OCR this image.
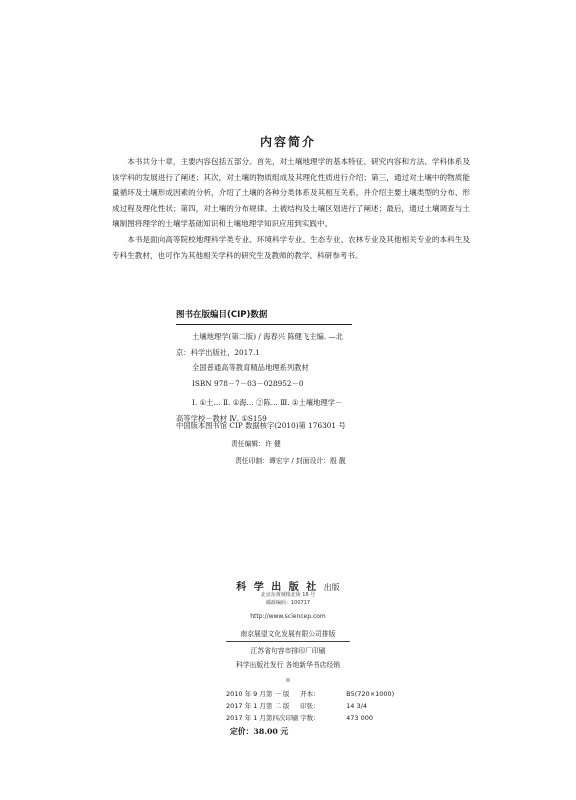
内容简介

本书共分十章，主要内容包括五部分。首先，对土壤地理学的基本特征、研究内容和方法、学科体系及该学科的发展进行了阐述；其次，对土壤的物质组成及其理化性质进行介绍；第三，通过对土壤中的物质能量循环及土壤形成因素的分析，介绍了土壤的各种分类体系及其相互关系，并介绍主要土壤类型的分布、形成过程及理化性状；第四，对土壤的分布规律、土被结构及土壤区划进行了阐述；最后，通过土壤调查与土壤制图将理学的土壤学基础知识和土壤地理学知识应用到实践中。

本书是面向高等院校地理科学类专业、环境科学专业、生态专业、农林专业及其他相关专业的本科生及专科生教材，也可作为其他相关学科的研究生及教师的教学、科研参考书。

图书在版编目(CIP)数据
土壤地理学(第二版) / 海春兴 陈健飞主编. —北
京：科学出版社，2017.1
全国普通高等教育精品地理系列教材
ISBN 978－7－03－028952－0
Ⅰ. ①土… Ⅱ. ①海… ②陈… Ⅲ. ①土壤地理学－
高等学校－教材 Ⅳ. ①S159
中国版本图书馆 CIP 数据核字(2010)第 176301 号
责任编辑：许 健
责任印制：谭宏宇 / 封面设计：殷 靓
科 学 出 版 社 出版
北京东黄城根北街 16 号
邮政编码：100717
http://www.sciencep.com
南京展望文化发展有限公司排版
江苏省句容市排印厂印刷
科学出版社发行 各地新华书店经销
＊
2010 年 9 月第 一 版 开本：	B5(720×1000)
2017 年 1 月第 二 版 印张：	14 3/4
2017 年 1 月第四次印刷 字数：	473 000
定价：38.00 元
